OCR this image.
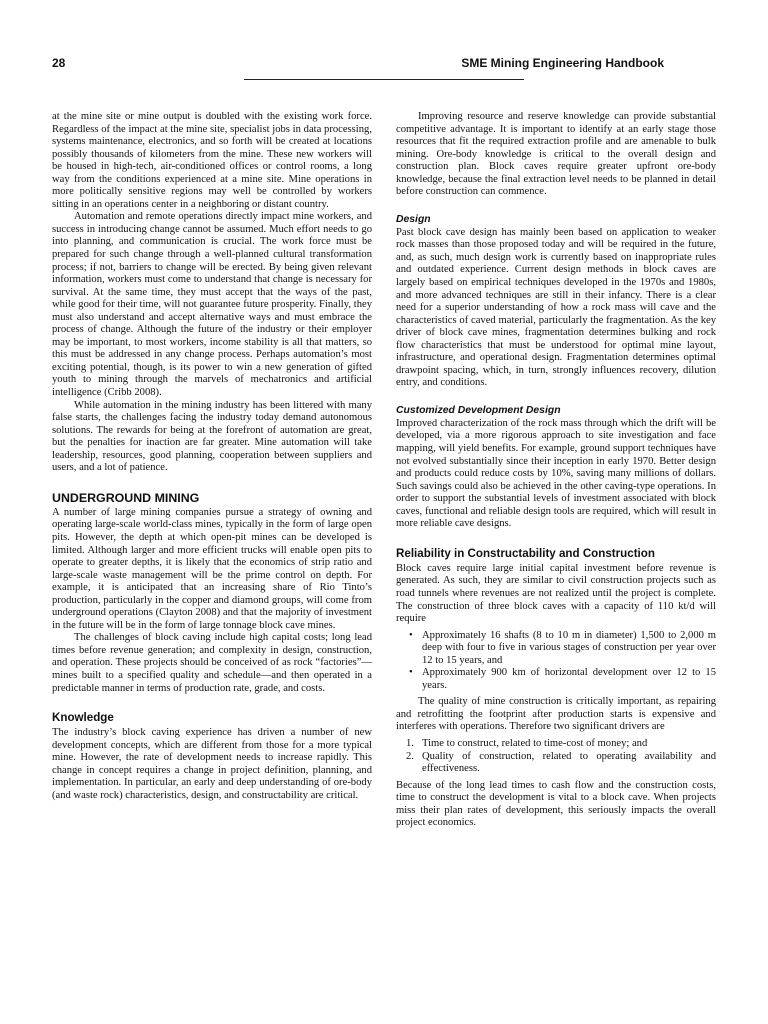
28	SME Mining Engineering Handbook

at the mine site or mine output is doubled with the existing work force. Regardless of the impact at the mine site, specialist jobs in data processing, systems maintenance, electronics, and so forth will be created at locations possibly thousands of kilometers from the mine. These new workers will be housed in high-tech, air-conditioned offices or control rooms, a long way from the conditions experienced at a mine site. Mine operations in more politically sensitive regions may well be controlled by workers sitting in an operations center in a neighboring or distant country.

Automation and remote operations directly impact mine workers, and success in introducing change cannot be assumed. Much effort needs to go into planning, and communication is crucial. The work force must be prepared for such change through a well-planned cultural transformation process; if not, barriers to change will be erected. By being given relevant information, workers must come to understand that change is necessary for survival. At the same time, they must accept that the ways of the past, while good for their time, will not guarantee future prosperity. Finally, they must also understand and accept alternative ways and must embrace the process of change. Although the future of the industry or their employer may be important, to most workers, income stability is all that matters, so this must be addressed in any change process. Perhaps automation’s most exciting potential, though, is its power to win a new generation of gifted youth to mining through the marvels of mechatronics and artificial intelligence (Cribb 2008).

While automation in the mining industry has been littered with many false starts, the challenges facing the industry today demand autonomous solutions. The rewards for being at the forefront of automation are great, but the penalties for inaction are far greater. Mine automation will take leadership, resources, good planning, cooperation between suppliers and users, and a lot of patience.

UNDERGROUND MINING

A number of large mining companies pursue a strategy of owning and operating large-scale world-class mines, typically in the form of large open pits. However, the depth at which open-pit mines can be developed is limited. Although larger and more efficient trucks will enable open pits to operate to greater depths, it is likely that the economics of strip ratio and large-scale waste management will be the prime control on depth. For example, it is anticipated that an increasing share of Rio Tinto’s production, particularly in the copper and diamond groups, will come from underground operations (Clayton 2008) and that the majority of investment in the future will be in the form of large tonnage block cave mines.

The challenges of block caving include high capital costs; long lead times before revenue generation; and complexity in design, construction, and operation. These projects should be conceived of as rock “factories”—mines built to a specified quality and schedule—and then operated in a predictable manner in terms of production rate, grade, and costs.

Knowledge

The industry’s block caving experience has driven a number of new development concepts, which are different from those for a more typical mine. However, the rate of development needs to increase rapidly. This change in concept requires a change in project definition, planning, and implementation. In particular, an early and deep understanding of ore-body (and waste rock) characteristics, design, and constructability are critical.

Improving resource and reserve knowledge can provide substantial competitive advantage. It is important to identify at an early stage those resources that fit the required extraction profile and are amenable to bulk mining. Ore-body knowledge is critical to the overall design and construction plan. Block caves require greater upfront ore-body knowledge, because the final extraction level needs to be planned in detail before construction can commence.

Design

Past block cave design has mainly been based on application to weaker rock masses than those proposed today and will be required in the future, and, as such, much design work is currently based on inappropriate rules and outdated experience. Current design methods in block caves are largely based on empirical techniques developed in the 1970s and 1980s, and more advanced techniques are still in their infancy. There is a clear need for a superior understanding of how a rock mass will cave and the characteristics of caved material, particularly the fragmentation. As the key driver of block cave mines, fragmentation determines bulking and rock flow characteristics that must be understood for optimal mine layout, infrastructure, and operational design. Fragmentation determines optimal drawpoint spacing, which, in turn, strongly influences recovery, dilution entry, and conditions.

Customized Development Design

Improved characterization of the rock mass through which the drift will be developed, via a more rigorous approach to site investigation and face mapping, will yield benefits. For example, ground support techniques have not evolved substantially since their inception in early 1970. Better design and products could reduce costs by 10%, saving many millions of dollars. Such savings could also be achieved in the other caving-type operations. In order to support the substantial levels of investment associated with block caves, functional and reliable design tools are required, which will result in more reliable cave designs.

Reliability in Constructability and Construction

Block caves require large initial capital investment before revenue is generated. As such, they are similar to civil construction projects such as road tunnels where revenues are not realized until the project is complete. The construction of three block caves with a capacity of 110 kt/d will require

• Approximately 16 shafts (8 to 10 m in diameter) 1,500 to 2,000 m deep with four to five in various stages of construction per year over 12 to 15 years, and
• Approximately 900 km of horizontal development over 12 to 15 years.

The quality of mine construction is critically important, as repairing and retrofitting the footprint after production starts is expensive and interferes with operations. Therefore two significant drivers are

1. Time to construct, related to time-cost of money; and
2. Quality of construction, related to operating availability and effectiveness.

Because of the long lead times to cash flow and the construction costs, time to construct the development is vital to a block cave. When projects miss their plan rates of development, this seriously impacts the overall project economics.
